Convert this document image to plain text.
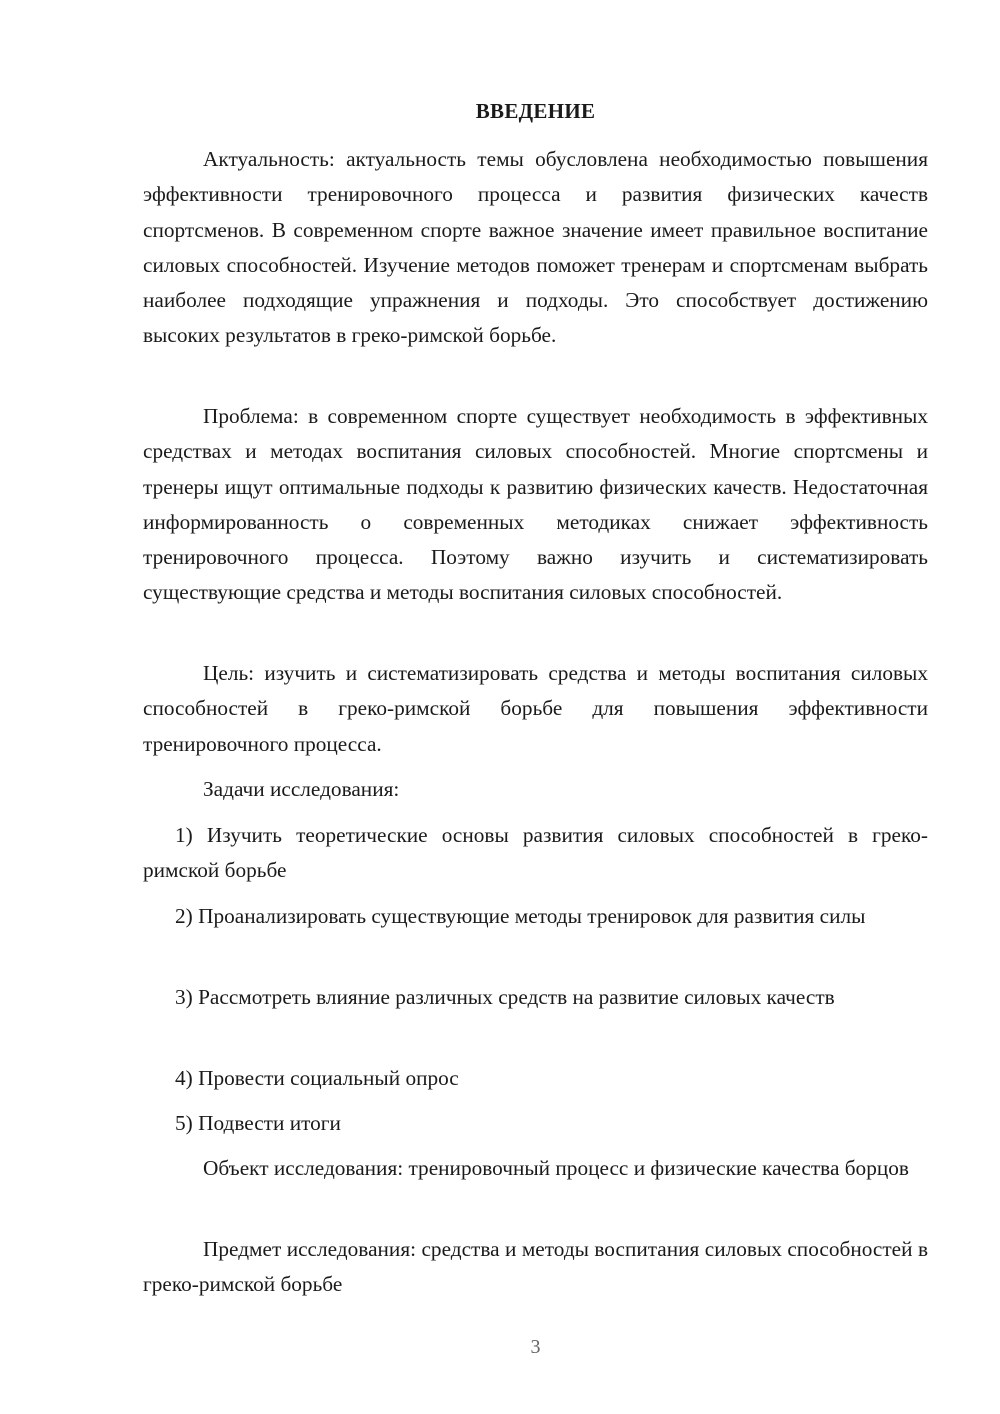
ВВЕДЕНИЕ

Актуальность: актуальность темы обусловлена необходимостью повышения эффективности тренировочного процесса и развития физических качеств спортсменов. В современном спорте важное значение имеет правильное воспитание силовых способностей. Изучение методов поможет тренерам и спортсменам выбрать наиболее подходящие упражнения и подходы. Это способствует достижению высоких результатов в греко-римской борьбе.

Проблема: в современном спорте существует необходимость в эффективных средствах и методах воспитания силовых способностей. Многие спортсмены и тренеры ищут оптимальные подходы к развитию физических качеств. Недостаточная информированность о современных методиках снижает эффективность тренировочного процесса. Поэтому важно изучить и систематизировать существующие средства и методы воспитания силовых способностей.

Цель: изучить и систематизировать средства и методы воспитания силовых способностей в греко-римской борьбе для повышения эффективности тренировочного процесса.

Задачи исследования:

1) Изучить теоретические основы развития силовых способностей в греко-римской борьбе

2) Проанализировать существующие методы тренировок для развития силы

3) Рассмотреть влияние различных средств на развитие силовых качеств

4) Провести социальный опрос

5) Подвести итоги

Объект исследования: тренировочный процесс и физические качества борцов

Предмет исследования: средства и методы воспитания силовых способностей в греко-римской борьбе

3
